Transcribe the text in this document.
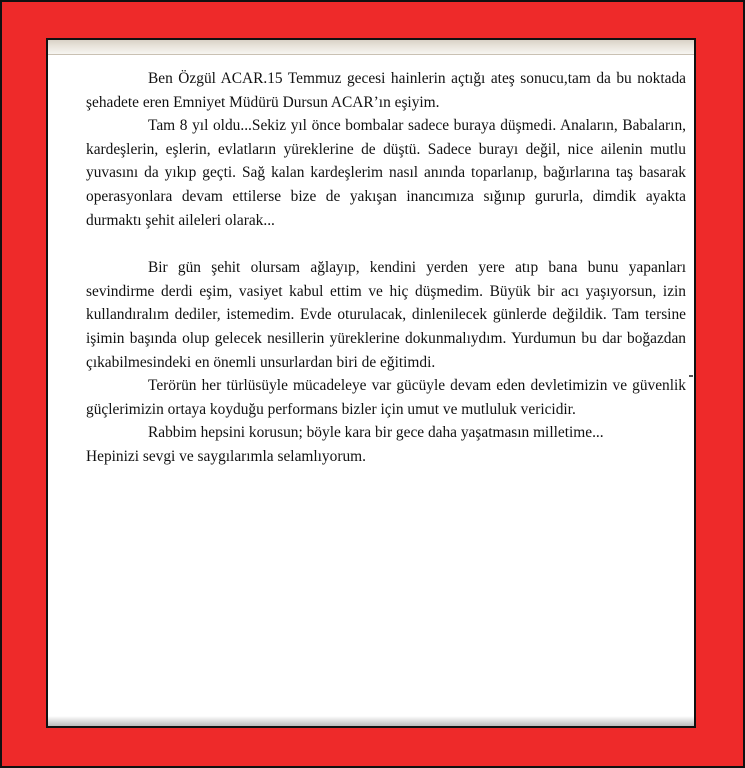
Ben Özgül ACAR.15 Temmuz gecesi hainlerin açtığı ateş sonucu,tam da bu noktada şehadete eren Emniyet Müdürü Dursun ACAR’ın eşiyim.

Tam 8 yıl oldu...Sekiz yıl önce bombalar sadece buraya düşmedi. Anaların, Babaların, kardeşlerin, eşlerin, evlatların yüreklerine de düştü. Sadece burayı değil, nice ailenin mutlu yuvasını da yıkıp geçti. Sağ kalan kardeşlerim nasıl anında toparlanıp, bağırlarına taş basarak operasyonlara devam ettilerse bize de yakışan inancımıza sığınıp gururla, dimdik ayakta durmaktı şehit aileleri olarak...

Bir gün şehit olursam ağlayıp, kendini yerden yere atıp bana bunu yapanları sevindirme derdi eşim, vasiyet kabul ettim ve hiç düşmedim. Büyük bir acı yaşıyorsun, izin kullandıralım dediler, istemedim. Evde oturulacak, dinlenilecek günlerde değildik. Tam tersine işimin başında olup gelecek nesillerin yüreklerine dokunmalıydım. Yurdumun bu dar boğazdan çıkabilmesindeki en önemli unsurlardan biri de eğitimdi.

Terörün her türlüsüyle mücadeleye var gücüyle devam eden devletimizin ve güvenlik güçlerimizin ortaya koyduğu performans bizler için umut ve mutluluk vericidir.

Rabbim hepsini korusun; böyle kara bir gece daha yaşatmasın milletime...

Hepinizi sevgi ve saygılarımla selamlıyorum.
